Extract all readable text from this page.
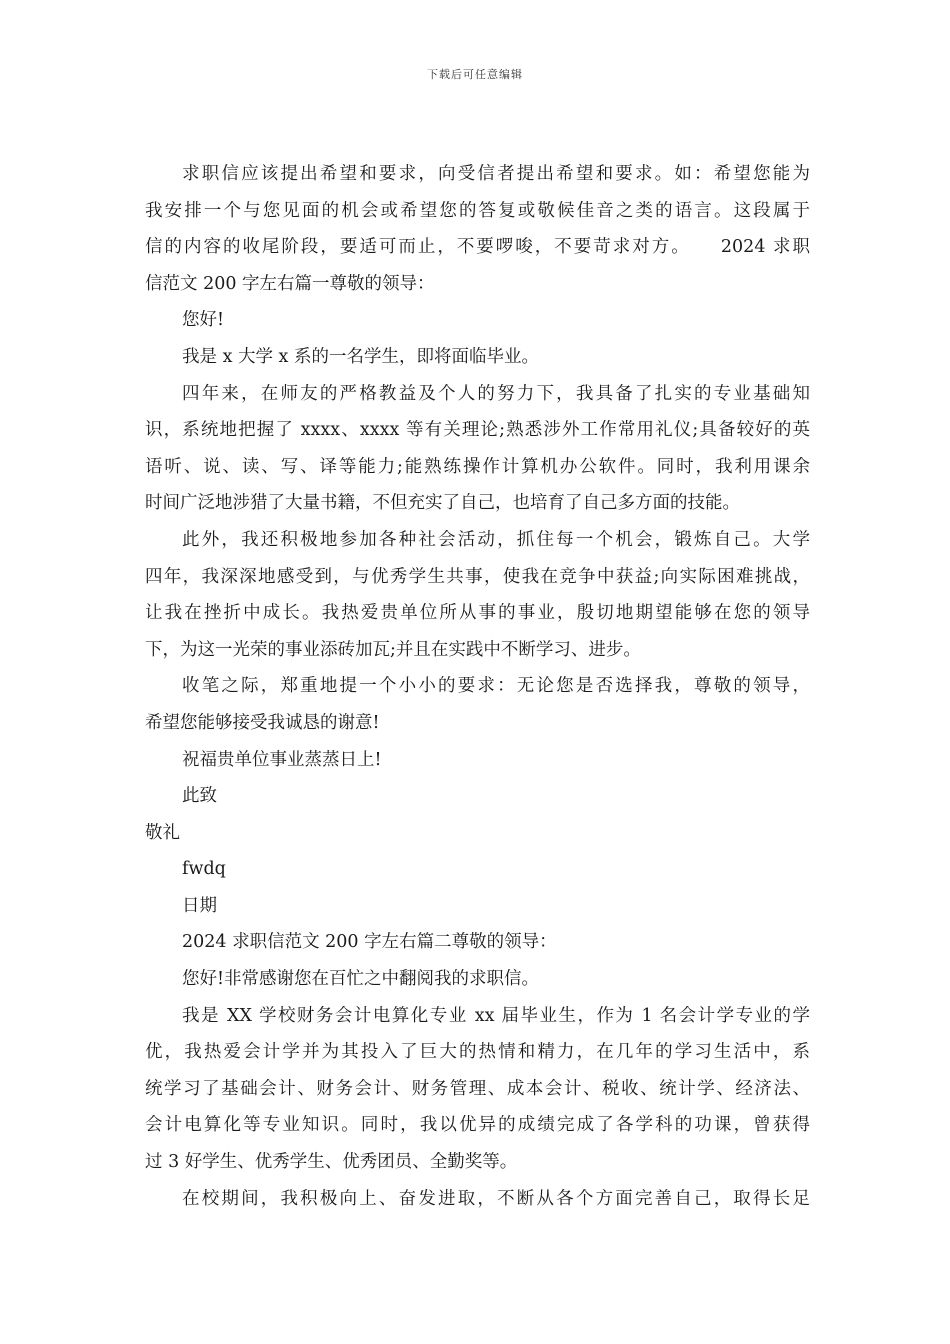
下载后可任意编辑
求职信应该提出希望和要求，向受信者提出希望和要求。如：希望您能为
我安排一个与您见面的机会或希望您的答复或敬候佳音之类的语言。这段属于
信的内容的收尾阶段，要适可而止，不要啰唆，不要苛求对方。　　2024 求职
信范文 200 字左右篇一尊敬的领导：
您好!
我是 x 大学 x 系的一名学生，即将面临毕业。
四年来，在师友的严格教益及个人的努力下，我具备了扎实的专业基础知
识，系统地把握了 xxxx、xxxx 等有关理论;熟悉涉外工作常用礼仪;具备较好的英
语听、说、读、写、译等能力;能熟练操作计算机办公软件。同时，我利用课余
时间广泛地涉猎了大量书籍，不但充实了自己，也培育了自己多方面的技能。
此外，我还积极地参加各种社会活动，抓住每一个机会，锻炼自己。大学
四年，我深深地感受到，与优秀学生共事，使我在竞争中获益;向实际困难挑战，
让我在挫折中成长。我热爱贵单位所从事的事业，殷切地期望能够在您的领导
下，为这一光荣的事业添砖加瓦;并且在实践中不断学习、进步。
收笔之际，郑重地提一个小小的要求：无论您是否选择我，尊敬的领导，
希望您能够接受我诚恳的谢意!
祝福贵单位事业蒸蒸日上!
此致
敬礼
fwdq
日期
2024 求职信范文 200 字左右篇二尊敬的领导：
您好!非常感谢您在百忙之中翻阅我的求职信。
我是 XX 学校财务会计电算化专业 xx 届毕业生，作为 1 名会计学专业的学
优，我热爱会计学并为其投入了巨大的热情和精力，在几年的学习生活中，系
统学习了基础会计、财务会计、财务管理、成本会计、税收、统计学、经济法、
会计电算化等专业知识。同时，我以优异的成绩完成了各学科的功课，曾获得
过 3 好学生、优秀学生、优秀团员、全勤奖等。
在校期间，我积极向上、奋发进取，不断从各个方面完善自己，取得长足
